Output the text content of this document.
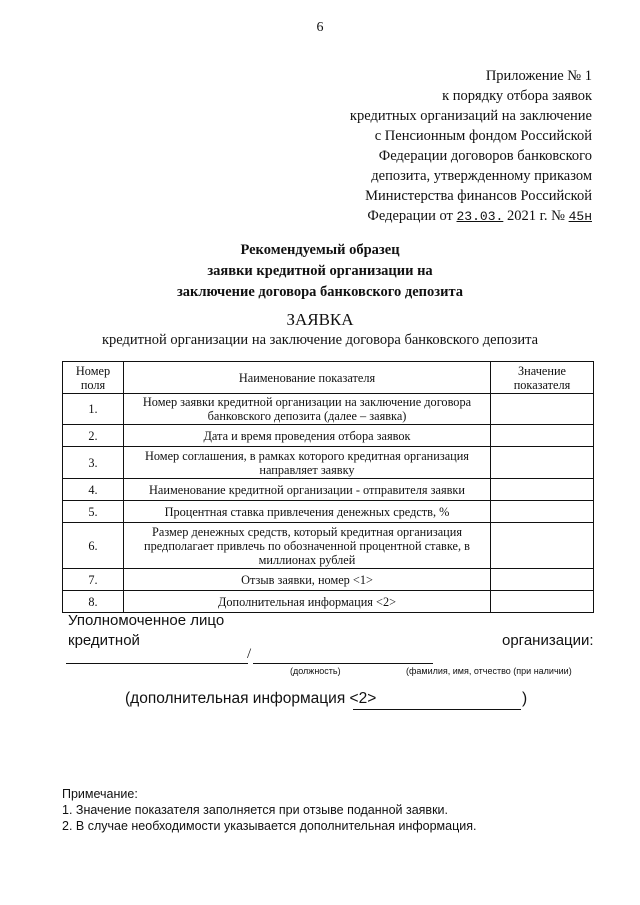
6
Приложение № 1
к порядку отбора заявок
кредитных организаций на заключение
с Пенсионным фондом Российской
Федерации договоров банковского
депозита, утвержденному приказом
Министерства финансов Российской
Федерации от 23.03. 2021 г. № 45н
Рекомендуемый образец
заявки кредитной организации на
заключение договора банковского депозита
ЗАЯВКА
кредитной организации на заключение договора банковского депозита
Номер поля	Наименование показателя	Значение показателя
1.	Номер заявки кредитной организации на заключение договора банковского депозита (далее – заявка)	
2.	Дата и время проведения отбора заявок	
3.	Номер соглашения, в рамках которого кредитная организация направляет заявку	
4.	Наименование кредитной организации - отправителя заявки	
5.	Процентная ставка привлечения денежных средств, %	
6.	Размер денежных средств, который кредитная организация предполагает привлечь по обозначенной процентной ставке, в миллионах рублей	
7.	Отзыв заявки, номер <1>	
8.	Дополнительная информация <2>	
Уполномоченное лицо
кредитной	организации:
/
(должность)	(фамилия, имя, отчество (при наличии)
(дополнительная информация <2>	)
Примечание:
1. Значение показателя заполняется при отзыве поданной заявки.
2. В случае необходимости указывается дополнительная информация.
